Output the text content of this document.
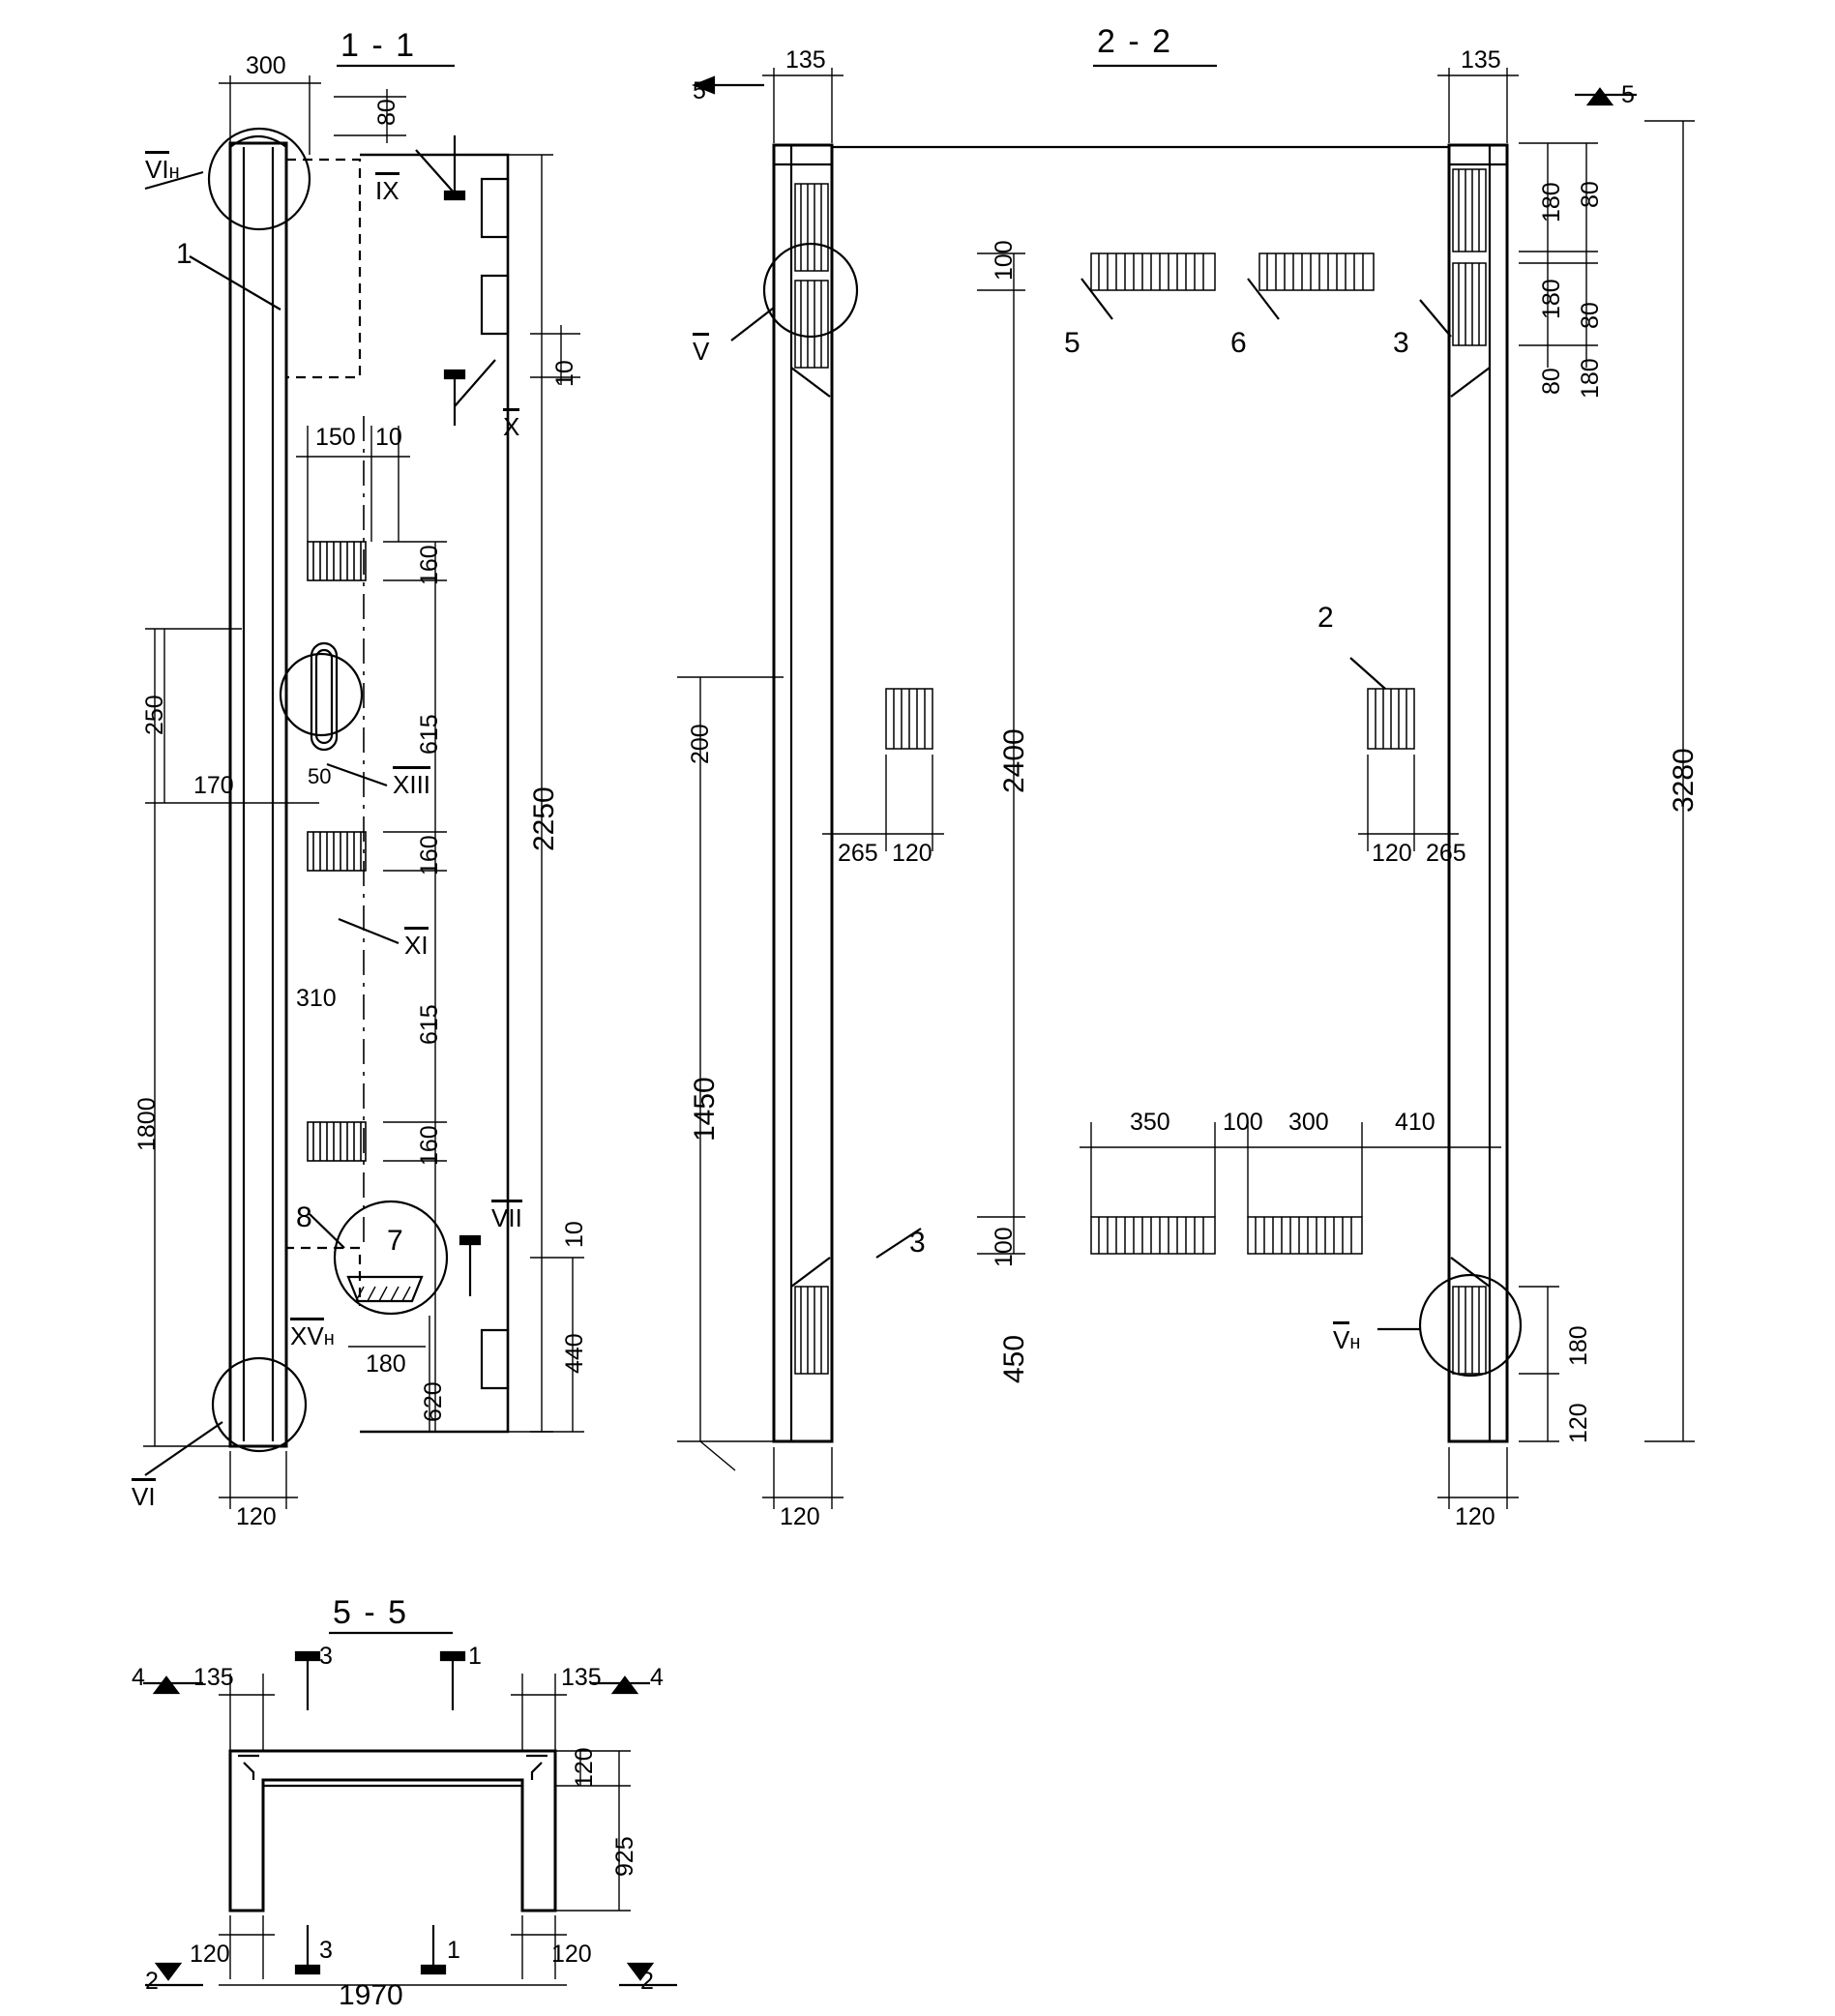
1 - 1	2 - 2
5 - 5
300
80
10
150 10
250
170
1800
50
310
160
615
160
615
160
2250
440
10
180
620
120
VIн
IX
X
XIII
XI
VII
XVн
VI
1
7
8
135	135
5	5
180 80
80
180
80 180
3280
100
200	2400
1450
100
450
265 120	120 265
350 100 300	410
180
120
120	120
V
Vн
5	6	3
2
3
135	135
4	4
3	1
3	1
2	2
120
925
120	120
1970
